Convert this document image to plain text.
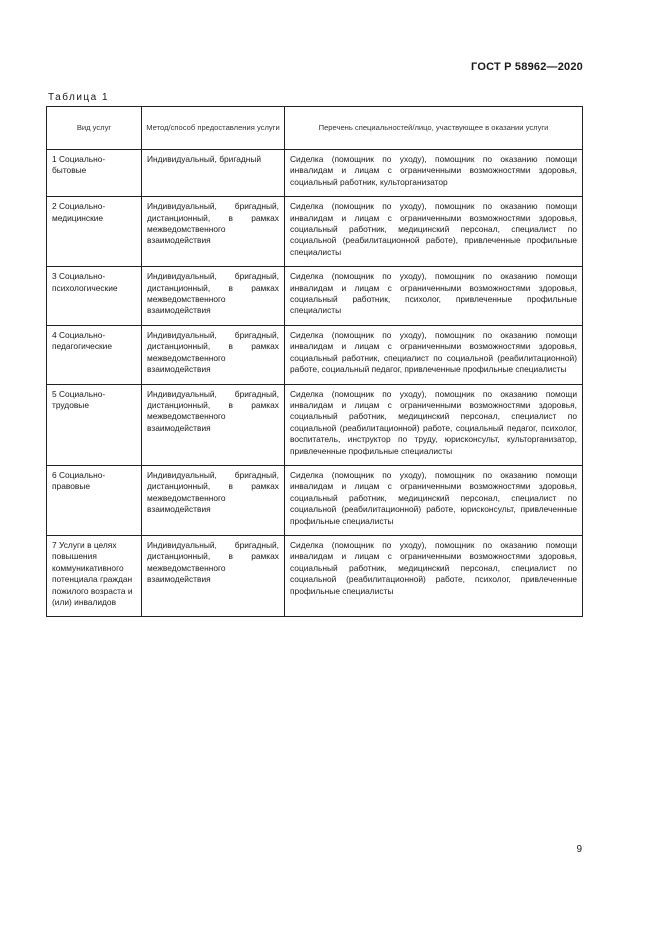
ГОСТ Р 58962—2020
Таблица 1
Вид услуг	Метод/способ предоставления услуги	Перечень специальностей/лицо, участвующее в оказании услуги
1 Социально-бытовые	Индивидуальный, бригадный	Сиделка (помощник по уходу), помощник по оказанию помощи инвалидам и лицам с ограниченными возможностями здоровья, социальный работник, культорганизатор
2 Социально-медицинские	Индивидуальный, бригадный, дистанционный, в рамках межведомственного взаимодействия	Сиделка (помощник по уходу), помощник по оказанию помощи инвалидам и лицам с ограниченными возможностями здоровья, социальный работник, медицинский персонал, специалист по социальной (реабилитационной работе), привлеченные профильные специалисты
3 Социально-психологические	Индивидуальный, бригадный, дистанционный, в рамках межведомственного взаимодействия	Сиделка (помощник по уходу), помощник по оказанию помощи инвалидам и лицам с ограниченными возможностями здоровья, социальный работник, психолог, привлеченные профильные специалисты
4 Социально-педагогические	Индивидуальный, бригадный, дистанционный, в рамках межведомственного взаимодействия	Сиделка (помощник по уходу), помощник по оказанию помощи инвалидам и лицам с ограниченными возможностями здоровья, социальный работник, специалист по социальной (реабилитационной) работе, социальный педагог, привлеченные профильные специалисты
5 Социально-трудовые	Индивидуальный, бригадный, дистанционный, в рамках межведомственного взаимодействия	Сиделка (помощник по уходу), помощник по оказанию помощи инвалидам и лицам с ограниченными возможностями здоровья, социальный работник, медицинский персонал, специалист по социальной (реабилитационной) работе, социальный педагог, психолог, воспитатель, инструктор по труду, юрисконсульт, культорганизатор, привлеченные профильные специалисты
6 Социально-правовые	Индивидуальный, бригадный, дистанционный, в рамках межведомственного взаимодействия	Сиделка (помощник по уходу), помощник по оказанию помощи инвалидам и лицам с ограниченными возможностями здоровья, социальный работник, медицинский персонал, специалист по социальной (реабилитационной) работе, юрисконсульт, привлеченные профильные специалисты
7 Услуги в целях повышения коммуникативного потенциала граждан пожилого возраста и (или) инвалидов	Индивидуальный, бригадный, дистанционный, в рамках межведомственного взаимодействия	Сиделка (помощник по уходу), помощник по оказанию помощи инвалидам и лицам с ограниченными возможностями здоровья, социальный работник, медицинский персонал, специалист по социальной (реабилитационной) работе, психолог, привлеченные профильные специалисты
9
